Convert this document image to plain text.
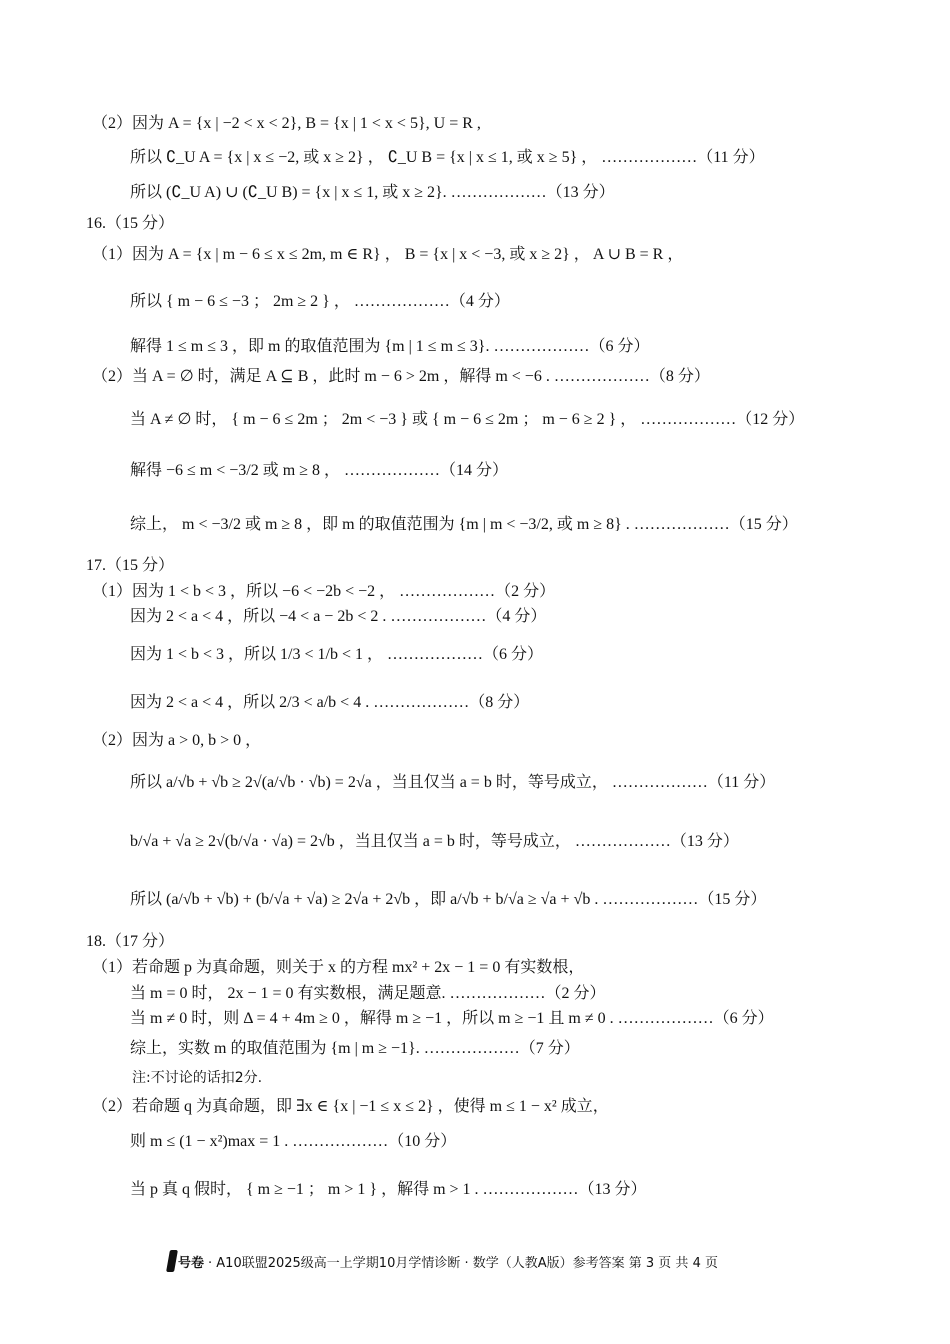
（2）因为 A = {x | −2 < x < 2}, B = {x | 1 < x < 5}, U = R ,
所以 ∁_U A = {x | x ≤ −2, 或 x ≥ 2} ， ∁_U B = {x | x ≤ 1, 或 x ≥ 5} ， ………………（11 分）
所以 (∁_U A) ∪ (∁_U B) = {x | x ≤ 1, 或 x ≥ 2}. ………………（13 分）
16.（15 分）
（1）因为 A = {x | m − 6 ≤ x ≤ 2m, m ∈ R} ， B = {x | x < −3, 或 x ≥ 2} ， A ∪ B = R ，
所以 { m − 6 ≤ −3 ； 2m ≥ 2 } ， ………………（4 分）
解得 1 ≤ m ≤ 3 ，即 m 的取值范围为 {m | 1 ≤ m ≤ 3}. ………………（6 分）
（2）当 A = ∅ 时，满足 A ⊆ B ，此时 m − 6 > 2m ，解得 m < −6 . ………………（8 分）
当 A ≠ ∅ 时， { m − 6 ≤ 2m ； 2m < −3 } 或 { m − 6 ≤ 2m ； m − 6 ≥ 2 } ， ………………（12 分）
解得 −6 ≤ m < −3/2 或 m ≥ 8 ， ………………（14 分）
综上， m < −3/2 或 m ≥ 8 ，即 m 的取值范围为 {m | m < −3/2, 或 m ≥ 8} . ………………（15 分）
17.（15 分）
（1）因为 1 < b < 3 ，所以 −6 < −2b < −2 ， ………………（2 分）
因为 2 < a < 4 ，所以 −4 < a − 2b < 2 . ………………（4 分）
因为 1 < b < 3 ，所以 1/3 < 1/b < 1 ， ………………（6 分）
因为 2 < a < 4 ，所以 2/3 < a/b < 4 . ………………（8 分）
（2）因为 a > 0, b > 0 ，
所以 a/√b + √b ≥ 2√(a/√b · √b) = 2√a ，当且仅当 a = b 时，等号成立， ………………（11 分）
b/√a + √a ≥ 2√(b/√a · √a) = 2√b ，当且仅当 a = b 时，等号成立， ………………（13 分）
所以 (a/√b + √b) + (b/√a + √a) ≥ 2√a + 2√b ，即 a/√b + b/√a ≥ √a + √b . ………………（15 分）
18.（17 分）
（1）若命题 p 为真命题，则关于 x 的方程 mx² + 2x − 1 = 0 有实数根，
当 m = 0 时， 2x − 1 = 0 有实数根，满足题意. ………………（2 分）
当 m ≠ 0 时，则 Δ = 4 + 4m ≥ 0 ，解得 m ≥ −1 ，所以 m ≥ −1 且 m ≠ 0 . ………………（6 分）
综上，实数 m 的取值范围为 {m | m ≥ −1}. ………………（7 分）
注:不讨论的话扣2分.
（2）若命题 q 为真命题，即 ∃x ∈ {x | −1 ≤ x ≤ 2} ，使得 m ≤ 1 − x² 成立，
则 m ≤ (1 − x²)max = 1 . ………………（10 分）
当 p 真 q 假时， { m ≥ −1 ； m > 1 } ，解得 m > 1 . ………………（13 分）
号卷 · A10联盟2025级高一上学期10月学情诊断 · 数学（人教A版）参考答案 第 3 页 共 4 页
